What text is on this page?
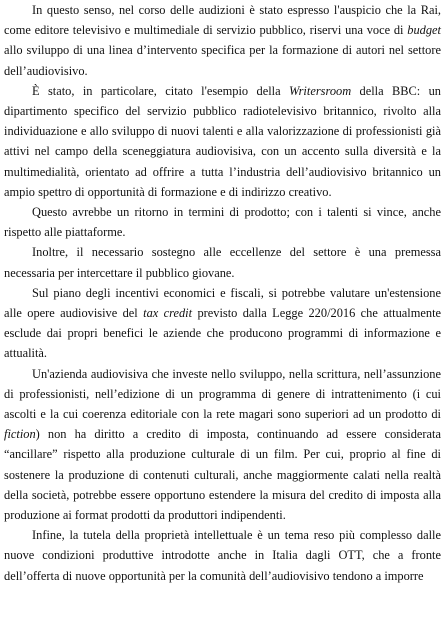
In questo senso, nel corso delle audizioni è stato espresso l'auspicio che la Rai, come editore televisivo e multimediale di servizio pubblico, riservi una voce di budget allo sviluppo di una linea d’intervento specifica per la formazione di autori nel settore dell’audiovisivo.

È stato, in particolare, citato l'esempio della Writersroom della BBC: un dipartimento specifico del servizio pubblico radiotelevisivo britannico, rivolto alla individuazione e allo sviluppo di nuovi talenti e alla valorizzazione di professionisti già attivi nel campo della sceneggiatura audiovisiva, con un accento sulla diversità e la multimedialità, orientato ad offrire a tutta l’industria dell’audiovisivo britannico un ampio spettro di opportunità di formazione e di indirizzo creativo.

Questo avrebbe un ritorno in termini di prodotto; con i talenti si vince, anche rispetto alle piattaforme.

Inoltre, il necessario sostegno alle eccellenze del settore è una premessa necessaria per intercettare il pubblico giovane.

Sul piano degli incentivi economici e fiscali, si potrebbe valutare un'estensione alle opere audiovisive del tax credit previsto dalla Legge 220/2016 che attualmente esclude dai propri benefici le aziende che producono programmi di informazione e attualità.

Un'azienda audiovisiva che investe nello sviluppo, nella scrittura, nell’assunzione di professionisti, nell’edizione di un programma di genere di intrattenimento (i cui ascolti e la cui coerenza editoriale con la rete magari sono superiori ad un prodotto di fiction) non ha diritto a credito di imposta, continuando ad essere considerata “ancillare” rispetto alla produzione culturale di un film. Per cui, proprio al fine di sostenere la produzione di contenuti culturali, anche maggiormente calati nella realtà della società, potrebbe essere opportuno estendere la misura del credito di imposta alla produzione ai format prodotti da produttori indipendenti.

Infine, la tutela della proprietà intellettuale è un tema reso più complesso dalle nuove condizioni produttive introdotte anche in Italia dagli OTT, che a fronte dell’offerta di nuove opportunità per la comunità dell’audiovisivo tendono a imporre
